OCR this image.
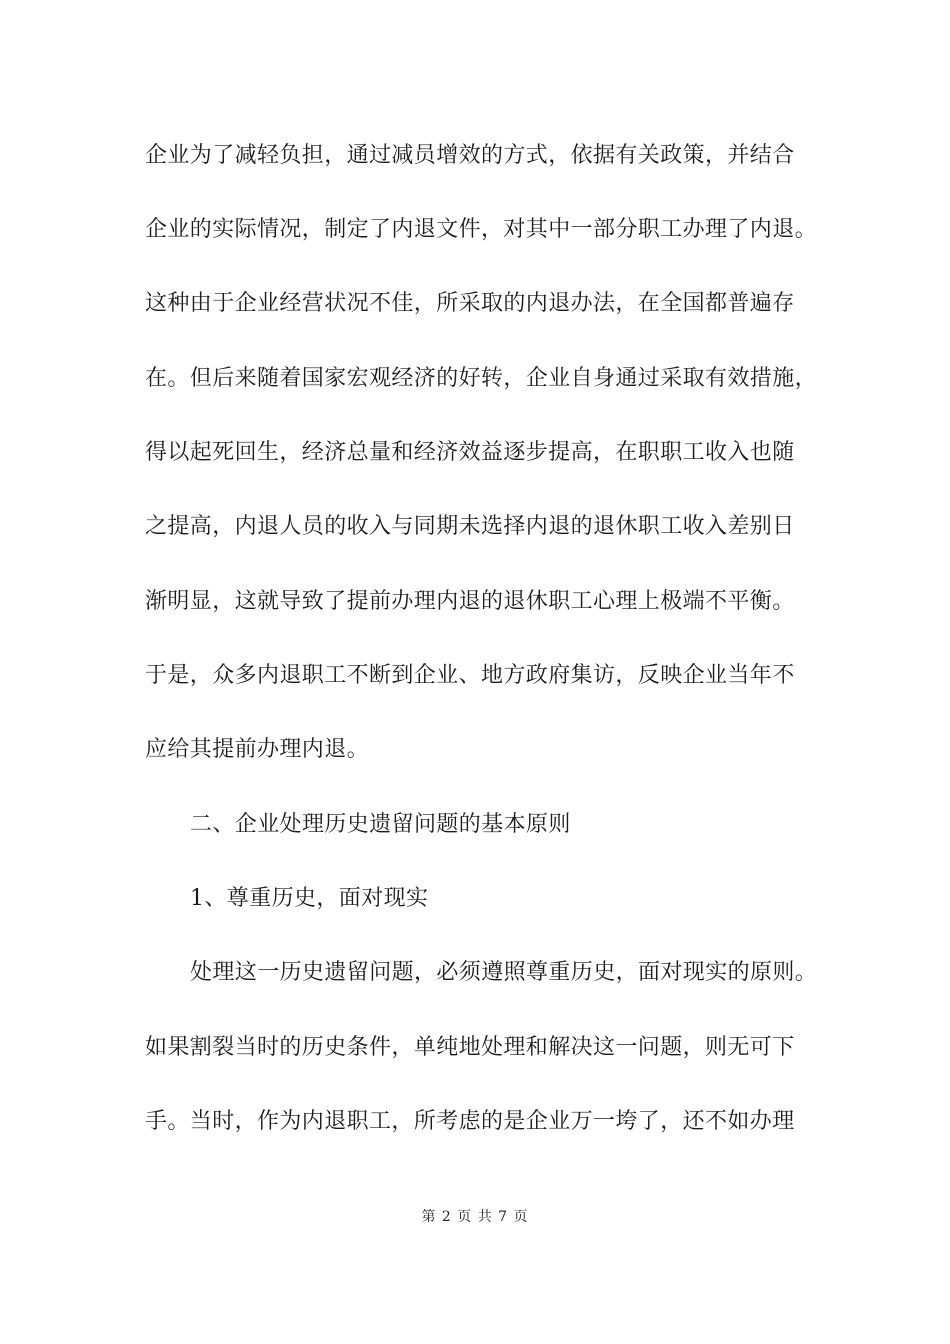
企业为了减轻负担，通过减员增效的方式，依据有关政策，并结合
企业的实际情况，制定了内退文件，对其中一部分职工办理了内退。
这种由于企业经营状况不佳，所采取的内退办法，在全国都普遍存
在。但后来随着国家宏观经济的好转，企业自身通过采取有效措施，
得以起死回生，经济总量和经济效益逐步提高，在职职工收入也随
之提高，内退人员的收入与同期未选择内退的退休职工收入差别日
渐明显，这就导致了提前办理内退的退休职工心理上极端不平衡。
于是，众多内退职工不断到企业、地方政府集访，反映企业当年不
应给其提前办理内退。
二、企业处理历史遗留问题的基本原则
1、尊重历史，面对现实
处理这一历史遗留问题，必须遵照尊重历史，面对现实的原则。
如果割裂当时的历史条件，单纯地处理和解决这一问题，则无可下
手。当时，作为内退职工，所考虑的是企业万一垮了，还不如办理
第 2 页 共 7 页
